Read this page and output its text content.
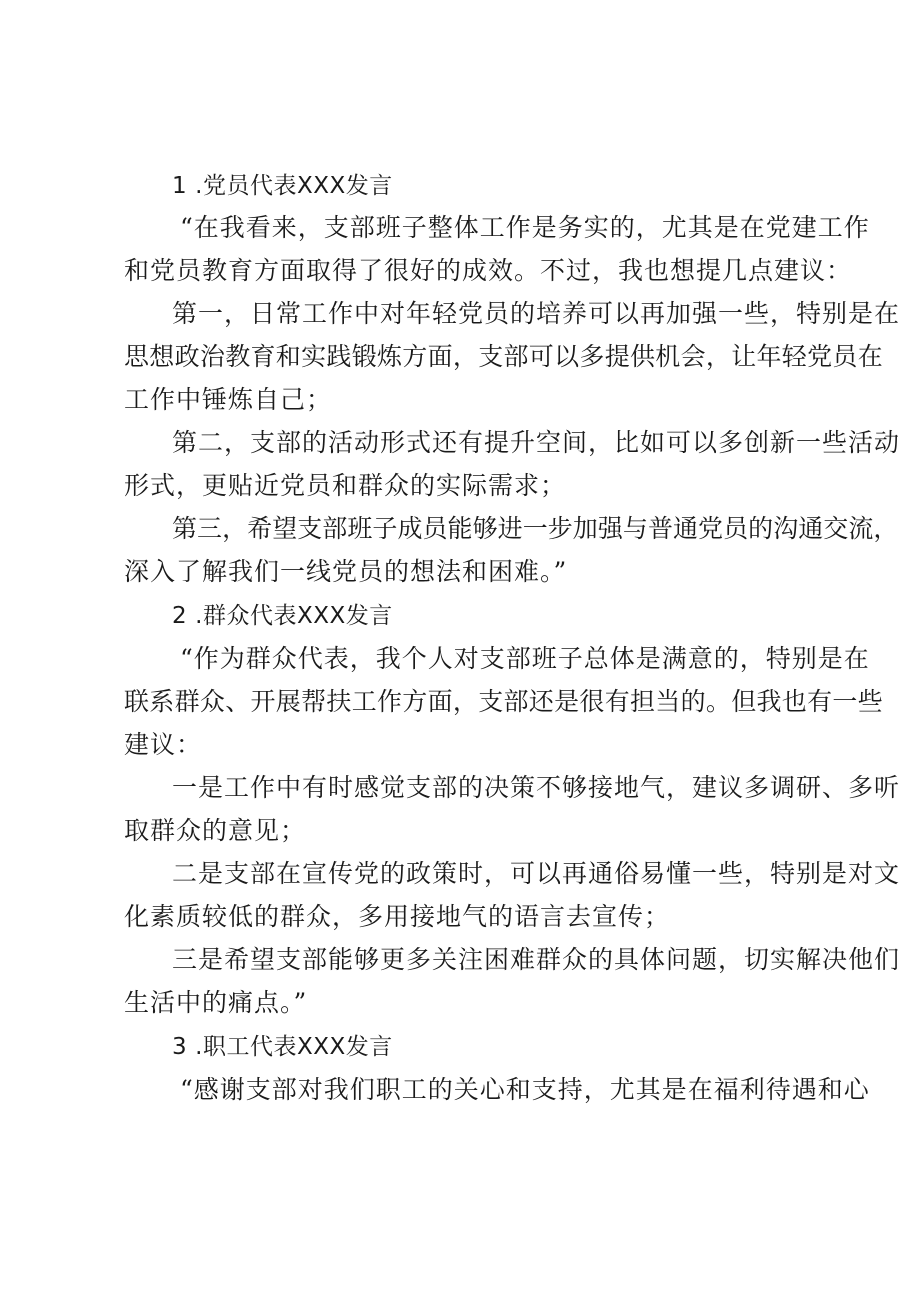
1 .党员代表XXX发言
“在我看来，支部班子整体工作是务实的，尤其是在党建工作
和党员教育方面取得了很好的成效。不过，我也想提几点建议：
第一，日常工作中对年轻党员的培养可以再加强一些，特别是在
思想政治教育和实践锻炼方面，支部可以多提供机会，让年轻党员在
工作中锤炼自己；
第二，支部的活动形式还有提升空间，比如可以多创新一些活动
形式，更贴近党员和群众的实际需求；
第三，希望支部班子成员能够进一步加强与普通党员的沟通交流，
深入了解我们一线党员的想法和困难。”
2 .群众代表XXX发言
“作为群众代表，我个人对支部班子总体是满意的，特别是在
联系群众、开展帮扶工作方面，支部还是很有担当的。但我也有一些
建议：
一是工作中有时感觉支部的决策不够接地气，建议多调研、多听
取群众的意见；
二是支部在宣传党的政策时，可以再通俗易懂一些，特别是对文
化素质较低的群众，多用接地气的语言去宣传；
三是希望支部能够更多关注困难群众的具体问题，切实解决他们
生活中的痛点。”
3 .职工代表XXX发言
“感谢支部对我们职工的关心和支持，尤其是在福利待遇和心
